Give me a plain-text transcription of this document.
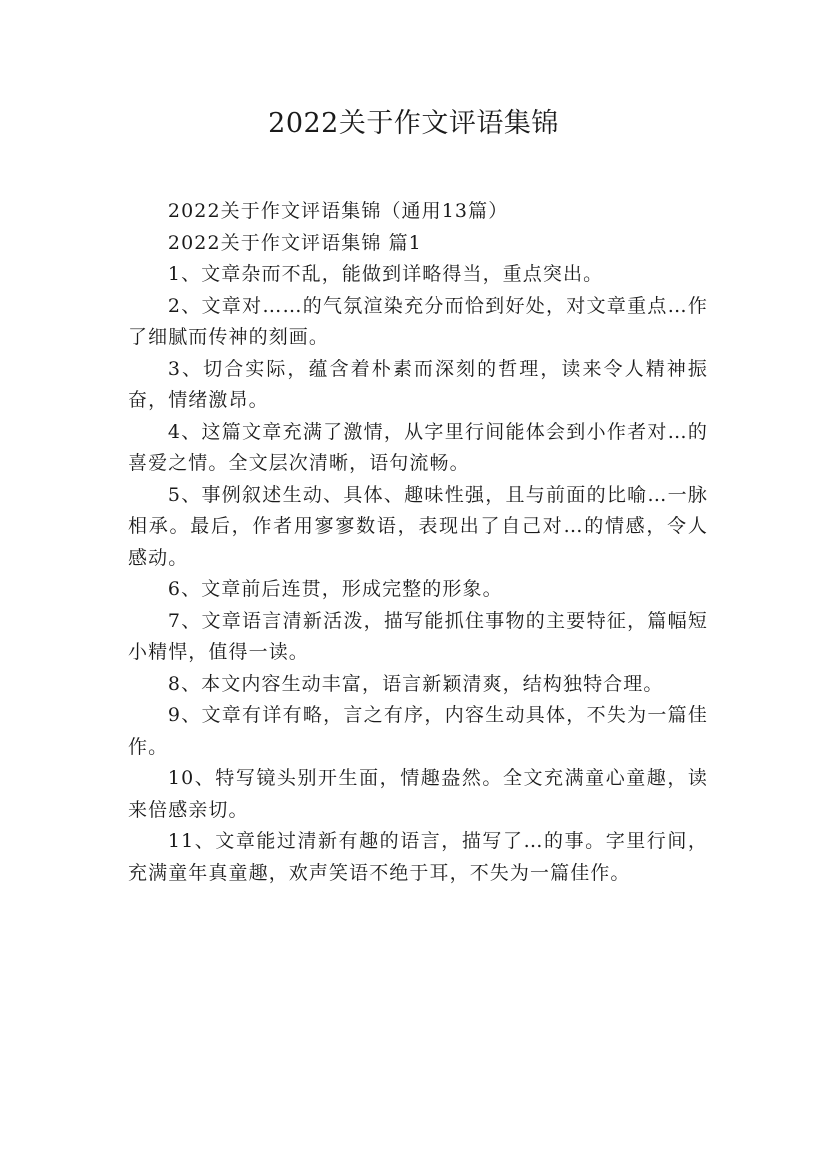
2022关于作文评语集锦

2022关于作文评语集锦（通用13篇）

2022关于作文评语集锦 篇1

1、文章杂而不乱，能做到详略得当，重点突出。

2、文章对……的气氛渲染充分而恰到好处，对文章重点…作了细腻而传神的刻画。

3、切合实际，蕴含着朴素而深刻的哲理，读来令人精神振奋，情绪激昂。

4、这篇文章充满了激情，从字里行间能体会到小作者对…的喜爱之情。全文层次清晰，语句流畅。

5、事例叙述生动、具体、趣味性强，且与前面的比喻…一脉相承。最后，作者用寥寥数语，表现出了自己对…的情感，令人感动。

6、文章前后连贯，形成完整的形象。

7、文章语言清新活泼，描写能抓住事物的主要特征，篇幅短小精悍，值得一读。

8、本文内容生动丰富，语言新颖清爽，结构独特合理。

9、文章有详有略，言之有序，内容生动具体，不失为一篇佳作。

10、特写镜头别开生面，情趣盎然。全文充满童心童趣，读来倍感亲切。

11、文章能过清新有趣的语言，描写了…的事。字里行间，充满童年真童趣，欢声笑语不绝于耳，不失为一篇佳作。
